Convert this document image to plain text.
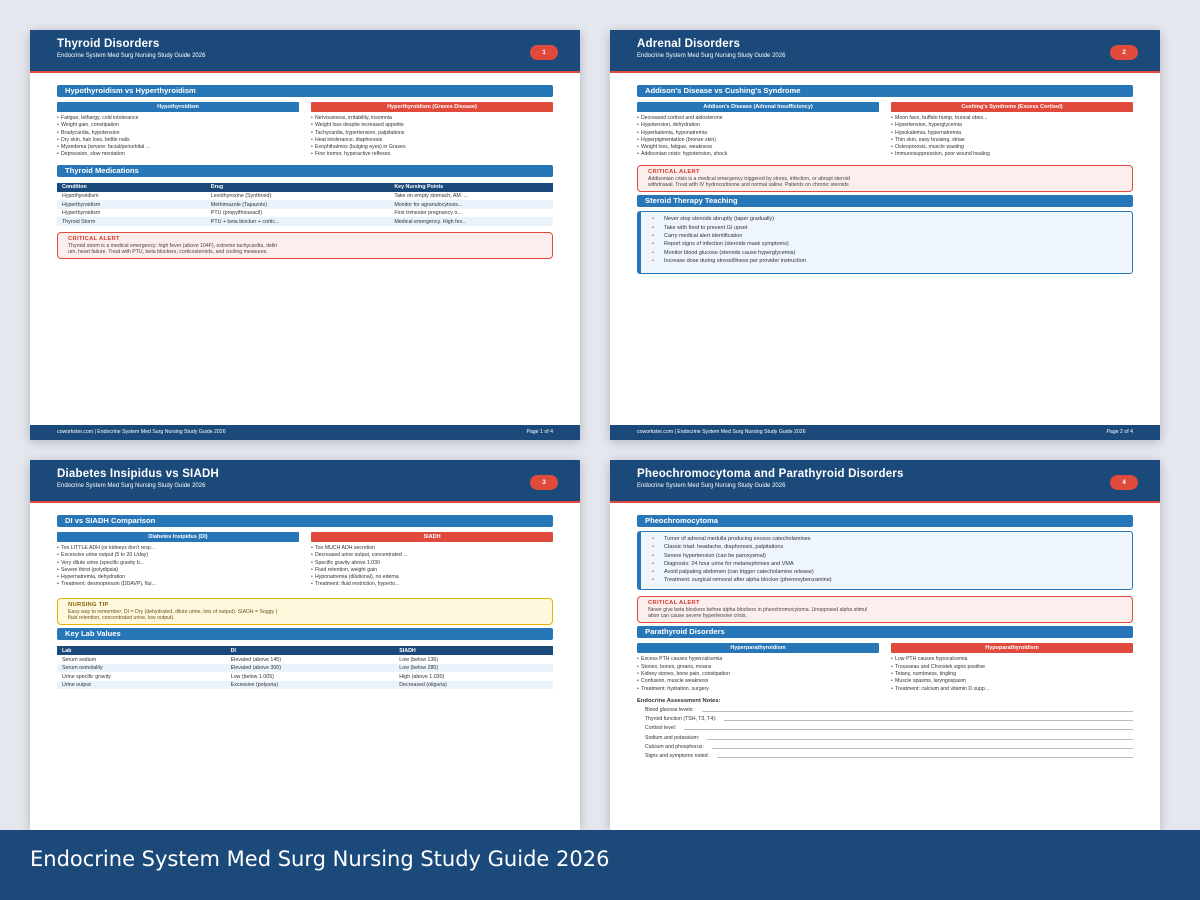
Thyroid Disorders
Endocrine System Med Surg Nursing Study Guide 2026	1
Hypothyroidism vs Hyperthyroidism
Hypothyroidism
• Fatigue, lethargy, cold intolerance
• Weight gain, constipation
• Bradycardia, hypotension
• Dry skin, hair loss, brittle nails
• Myxedema (severe: facial/periorbital ...
• Depression, slow mentation
Hyperthyroidism (Graves Disease)
• Nervousness, irritability, insomnia
• Weight loss despite increased appetite
• Tachycardia, hypertension, palpitations
• Heat intolerance, diaphoresis
• Exophthalmos (bulging eyes) in Graves
• Fine tremor, hyperactive reflexes
Thyroid Medications
Condition	Drug	Key Nursing Points
Hypothyroidism	Levothyroxine (Synthroid)	Take on empty stomach, AM. ...
Hyperthyroidism	Methimazole (Tapazole)	Monitor for agranulocytosis...
Hyperthyroidism	PTU (propylthiouracil)	First trimester pregnancy o...
Thyroid Storm	PTU + beta blocker + cortic...	Medical emergency. High fev...
CRITICAL ALERT
Thyroid storm is a medical emergency: high fever (above 104F), extreme tachycardia, deliri
um, heart failure. Treat with PTU, beta blockers, corticosteroids, and cooling measures.
coworkster.com | Endocrine System Med Surg Nursing Study Guide 2026	Page 1 of 4
Adrenal Disorders
Endocrine System Med Surg Nursing Study Guide 2026	2
Addison's Disease vs Cushing's Syndrome
Addison's Disease (Adrenal Insufficiency)
• Decreased cortisol and aldosterone
• Hypotension, dehydration
• Hyperkalemia, hyponatremia
• Hyperpigmentation (bronze skin)
• Weight loss, fatigue, weakness
• Addisonian crisis: hypotension, shock
Cushing's Syndrome (Excess Cortisol)
• Moon face, buffalo hump, truncal obes...
• Hypertension, hyperglycemia
• Hypokalemia, hypernatremia
• Thin skin, easy bruising, striae
• Osteoporosis, muscle wasting
• Immunosuppression, poor wound healing
CRITICAL ALERT
Addisonian crisis is a medical emergency triggered by stress, infection, or abrupt steroid
withdrawal. Treat with IV hydrocortisone and normal saline. Patients on chronic steroids
Steroid Therapy Teaching
• Never stop steroids abruptly (taper gradually)
• Take with food to prevent GI upset
• Carry medical alert identification
• Report signs of infection (steroids mask symptoms)
• Monitor blood glucose (steroids cause hyperglycemia)
• Increase dose during stress/illness per provider instruction
coworkster.com | Endocrine System Med Surg Nursing Study Guide 2026	Page 2 of 4
Diabetes Insipidus vs SIADH
Endocrine System Med Surg Nursing Study Guide 2026	3
DI vs SIADH Comparison
Diabetes Insipidus (DI)
• Too LITTLE ADH (or kidneys don't resp...
• Excessive urine output (5 to 20 L/day)
• Very dilute urine (specific gravity b...
• Severe thirst (polydipsia)
• Hypernatremia, dehydration
• Treatment: desmopressin (DDAVP), flui...
SIADH
• Too MUCH ADH secretion
• Decreased urine output, concentrated ...
• Specific gravity above 1.030
• Fluid retention, weight gain
• Hyponatremia (dilutional), no edema
• Treatment: fluid restriction, hyperto...
NURSING TIP
Easy way to remember: DI = Dry (dehydrated, dilute urine, lots of output). SIADH = Soggy (
fluid retention, concentrated urine, low output).
Key Lab Values
Lab	DI	SIADH
Serum sodium	Elevated (above 145)	Low (below 136)
Serum osmolality	Elevated (above 300)	Low (below 280)
Urine specific gravity	Low (below 1.005)	High (above 1.030)
Urine output	Excessive (polyuria)	Decreased (oliguria)
Pheochromocytoma and Parathyroid Disorders
Endocrine System Med Surg Nursing Study Guide 2026	4
Pheochromocytoma
• Tumor of adrenal medulla producing excess catecholamines
• Classic triad: headache, diaphoresis, palpitations
• Severe hypertension (can be paroxysmal)
• Diagnosis: 24 hour urine for metanephrines and VMA
• Avoid palpating abdomen (can trigger catecholamine release)
• Treatment: surgical removal after alpha blocker (phenoxybenzamine)
CRITICAL ALERT
Never give beta blockers before alpha blockers in pheochromocytoma. Unopposed alpha stimul
ation can cause severe hypertensive crisis.
Parathyroid Disorders
Hyperparathyroidism
• Excess PTH causes hypercalcemia
• Stones, bones, groans, moans
• Kidney stones, bone pain, constipation
• Confusion, muscle weakness
• Treatment: hydration, surgery
Hypoparathyroidism
• Low PTH causes hypocalcemia
• Trousseau and Chvostek signs positive
• Tetany, numbness, tingling
• Muscle spasms, laryngospasm
• Treatment: calcium and vitamin D supp...
Endocrine Assessment Notes:
Blood glucose levels:
Thyroid function (TSH, T3, T4):
Cortisol level:
Sodium and potassium:
Calcium and phosphorus:
Signs and symptoms noted:
Endocrine System Med Surg Nursing Study Guide 2026
